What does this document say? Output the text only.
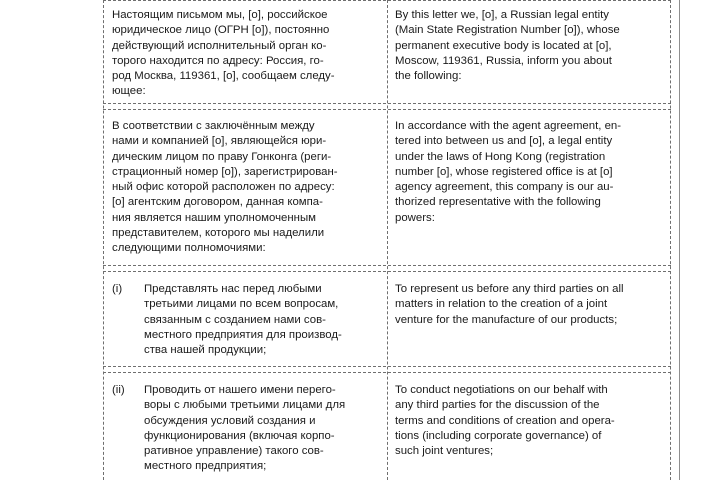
Настоящим письмом мы, [o], российское
юридическое лицо (ОГРН [o]), постоянно
действующий исполнительный орган ко-
торого находится по адресу: Россия, го-
род Москва, 119361, [o], сообщаем следу-
ющее:
By this letter we, [o], a Russian legal entity
(Main State Registration Number [o]), whose
permanent executive body is located at [o],
Moscow, 119361, Russia, inform you about
the following:
В соответствии с заключённым между
нами и компанией [o], являющейся юри-
дическим лицом по праву Гонконга (реги-
страционный номер [o]), зарегистрирован-
ный офис которой расположен по адресу:
[o] агентским договором, данная компа-
ния является нашим уполномоченным
представителем, которого мы наделили
следующими полномочиями:
In accordance with the agent agreement, en-
tered into between us and [o], a legal entity
under the laws of Hong Kong (registration
number [o], whose registered office is at [o]
agency agreement, this company is our au-
thorized representative with the following
powers:
(i) Представлять нас перед любыми
третьими лицами по всем вопросам,
связанным с созданием нами сов-
местного предприятия для производ-
ства нашей продукции;
To represent us before any third parties on all
matters in relation to the creation of a joint
venture for the manufacture of our products;
(ii) Проводить от нашего имени перего-
воры с любыми третьими лицами для
обсуждения условий создания и
функционирования (включая корпо-
ративное управление) такого сов-
местного предприятия;
To conduct negotiations on our behalf with
any third parties for the discussion of the
terms and conditions of creation and opera-
tions (including corporate governance) of
such joint ventures;
